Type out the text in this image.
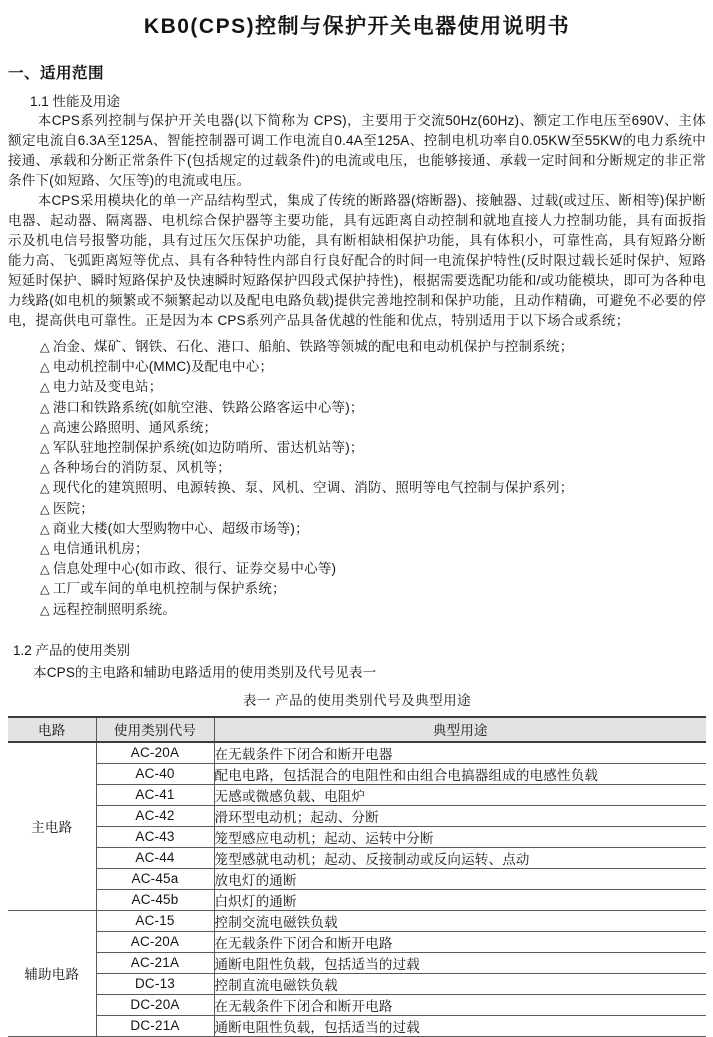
KB0(CPS)控制与保护开关电器使用说明书
一、适用范围
1.1 性能及用途

本CPS系列控制与保护开关电器(以下简称为 CPS)，主要用于交流50Hz(60Hz)、额定工作电压至690V、主体额定电流自6.3A至125A、智能控制器可调工作电流自0.4A至125A、控制电机功率自0.05KW至55KW的电力系统中接通、承载和分断正常条件下(包括规定的过载条件)的电流或电压，也能够接通、承载一定时间和分断规定的非正常条件下(如短路、欠压等)的电流或电压。

本CPS采用模块化的单一产品结构型式，集成了传统的断路器(熔断器)、接触器、过载(或过压、断相等)保护断电器、起动器、隔离器、电机综合保护器等主要功能，具有远距离自动控制和就地直接人力控制功能，具有面扳指示及机电信号报警功能，具有过压欠压保护功能，具有断相缺相保护功能，具有体积小，可靠性高，具有短路分断能力高、飞弧距离短等优点、具有各种特性内部自行良好配合的时间一电流保护特性(反时限过载长延时保护、短路短延时保护、瞬时短路保护及快速瞬时短路保护四段式保护持性)，根据需要选配功能和/或功能模块，即可为各种电力线路(如电机的频繁或不频繁起动以及配电电路负载)提供完善地控制和保护功能，且动作精确，可避免不必要的停电，提高供电可靠性。正是因为本 CPS系列产品具备优越的性能和优点，特别适用于以下场合或系统；

△ 冶金、煤矿、钢铁、石化、港口、船舶、铁路等领城的配电和电动机保护与控制系统；
△ 电动机控制中心(MMC)及配电中心；
△ 电力站及变电站；
△ 港口和铁路系统(如航空港、铁路公路客运中心等)；
△ 高速公路照明、通风系统；
△ 军队驻地控制保护系统(如边防哨所、雷达机站等)；
△ 各种场台的消防泵、风机等；
△ 现代化的建筑照明、电源转换、泵、风机、空调、消防、照明等电气控制与保护系列；
△ 医院；
△ 商业大楼(如大型购物中心、超级市场等)；
△ 电信通讯机房；
△ 信息处理中心(如市政、很行、证券交易中心等)
△ 工厂或车间的单电机控制与保护系统；
△ 远程控制照明系统。
1.2 产品的使用类别
本CPS的主电路和辅助电路适用的使用类别及代号见表一
表一 产品的使用类别代号及典型用途
电路	使用类别代号	典型用途
主电路	AC-20A	在无载条件下闭合和断开电器
	AC-40	配电电路，包括混合的电阻性和由组合电搞器组成的电感性负载
	AC-41	无感或微感负载、电阻炉
	AC-42	滑环型电动机；起动、分断
	AC-43	笼型感应电动机；起动、运转中分断
	AC-44	笼型感就电动机；起动、反接制动或反向运转、点动
	AC-45a	放电灯的通断
	AC-45b	白炽灯的通断
辅助电路	AC-15	控制交流电磁铁负载
	AC-20A	在无载条件下闭合和断开电路
	AC-21A	通断电阻性负载，包括适当的过载
	DC-13	控制直流电磁铁负载
	DC-20A	在无载条件下闭合和断开电路
	DC-21A	通断电阻性负载，包括适当的过载
